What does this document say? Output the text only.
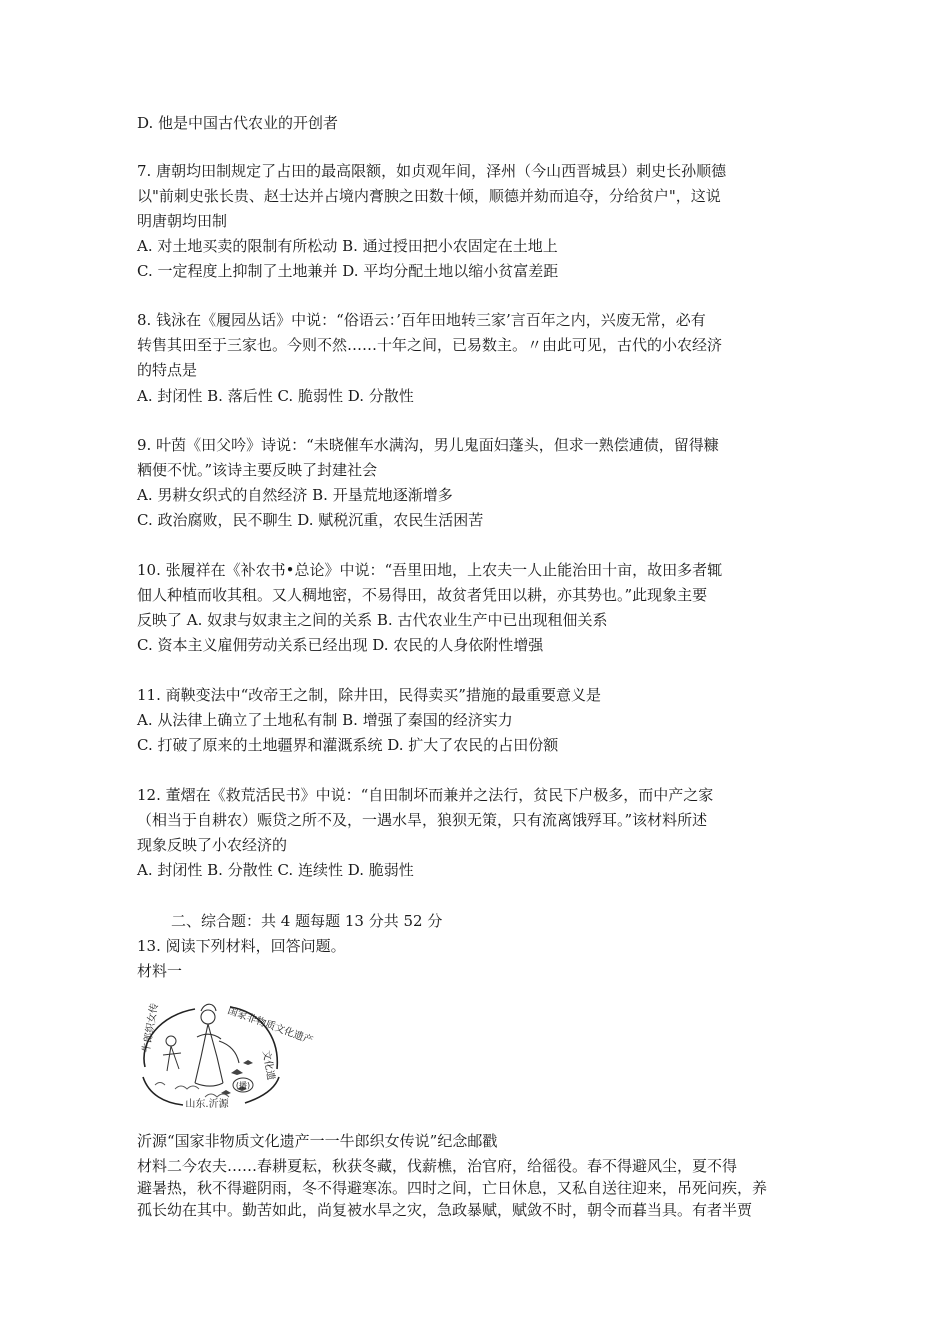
D. 他是中国古代农业的开创者
7. 唐朝均田制规定了占田的最高限额，如贞观年间，泽州（今山西晋城县）刺史长孙顺德
以"前刺史张长贵、赵士达并占境内膏腴之田数十倾，顺德并劾而追夺，分给贫户"，这说
明唐朝均田制
A. 对土地买卖的限制有所松动 B. 通过授田把小农固定在土地上
C. 一定程度上抑制了土地兼并 D. 平均分配土地以缩小贫富差距
8. 钱泳在《履园丛话》中说：“俗语云：’百年田地转三家’言百年之内，兴废无常，必有
转售其田至于三家也。今则不然……十年之间，已易数主。〃由此可见，古代的小农经济
的特点是
A. 封闭性 B. 落后性 C. 脆弱性 D. 分散性
9. 叶茵《田父吟》诗说：“未晓催车水满沟，男儿鬼面妇蓬头，但求一熟偿逋债，留得糠
粞便不忧。”该诗主要反映了封建社会
A. 男耕女织式的自然经济 B. 开垦荒地逐渐增多
C. 政治腐败，民不聊生 D. 赋税沉重，农民生活困苦
10. 张履祥在《补农书•总论》中说：“吾里田地，上农夫一人止能治田十亩，故田多者辄
佃人种植而收其租。又人稠地密，不易得田，故贫者凭田以耕，亦其势也。”此现象主要
反映了 A. 奴隶与奴隶主之间的关系 B. 古代农业生产中已出现租佃关系
C. 资本主义雇佣劳动关系已经出现 D. 农民的人身依附性增强
11. 商鞅变法中“改帝王之制，除井田，民得卖买”措施的最重要意义是
A. 从法律上确立了土地私有制 B. 增强了秦国的经济实力
C. 打破了原来的土地疆界和灌溉系统 D. 扩大了农民的占田份额
12. 董熠在《救荒活民书》中说：“自田制坏而兼并之法行，贫民下户极多，而中产之家
（相当于自耕农）赈贷之所不及，一遇水旱，狼狈无策，只有流离饿殍耳。”该材料所述
现象反映了小农经济的
A. 封闭性 B. 分散性 C. 连续性 D. 脆弱性
二、综合题：共 4 题每题 13 分共 52 分
13. 阅读下列材料，回答问题。
材料一
(播)
国家非物质文化遗产
文化遗
牛郎织女传
山东.沂源
沂源“国家非物质文化遗产一一牛郎织女传说”纪念邮戳
材料二今农夫……春耕夏耘，秋获冬藏，伐薪樵，治官府，给徭役。春不得避风尘，夏不得
避暑热，秋不得避阴雨，冬不得避寒冻。四时之间，亡日休息，又私自送往迎来，吊死问疾，养
孤长幼在其中。勤苦如此，尚复被水旱之灾，急政暴赋，赋敛不时，朝令而暮当具。有者半贾
